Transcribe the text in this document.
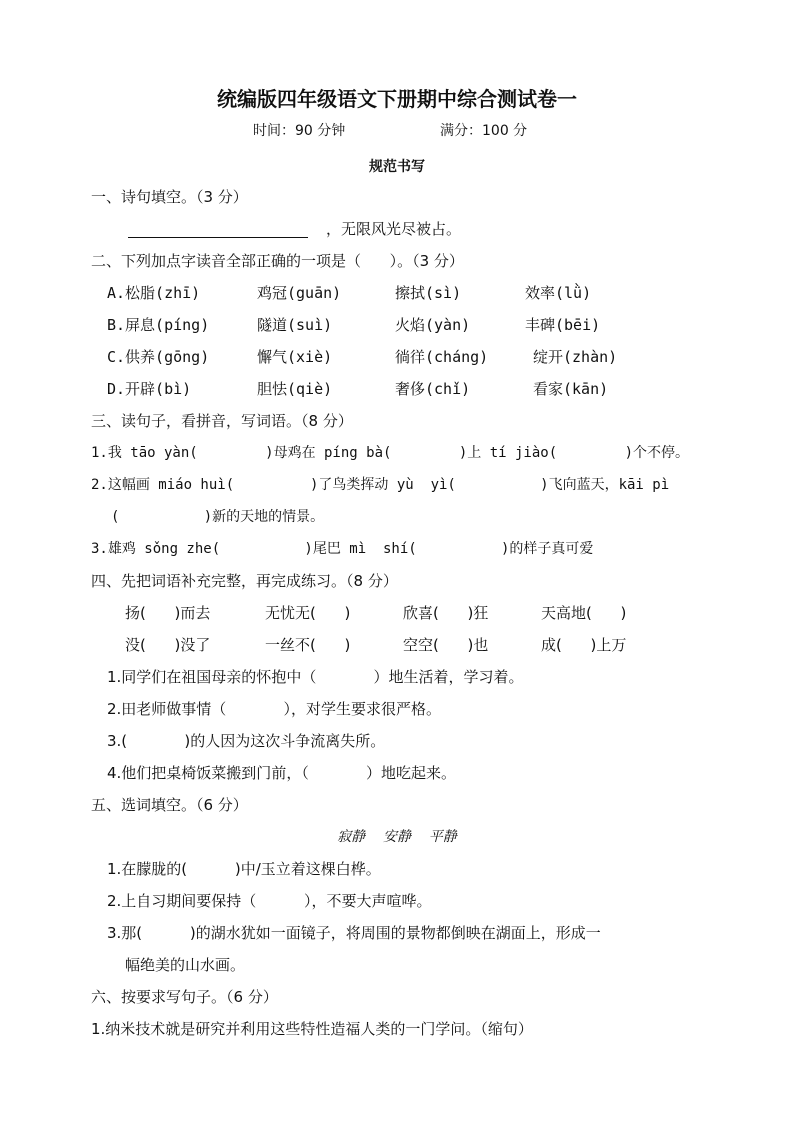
统编版四年级语文下册期中综合测试卷一
时间：90 分钟	满分：100 分
规范书写
一、诗句填空。（3 分）
，无限风光尽被占。
二、下列加点字读音全部正确的一项是（      ）。（3 分）
A.松脂(zhī)	鸡冠(guān)	擦拭(sì)	效率(lǜ)
B.屏息(píng)	隧道(suì)	火焰(yàn)	丰碑(bēi)
C.供养(gōng)	懈气(xiè)	徜徉(cháng)	绽开(zhàn)
D.开辟(bì)	胆怯(qiè)	奢侈(chǐ)	看家(kān)
三、读句子，看拼音，写词语。（8 分）
1.我 tāo yàn(        )母鸡在 píng bà(        )上 tí jiào(        )个不停。
2.这幅画 miáo huì(         )了鸟类挥动 yù  yì(          )飞向蓝天，kāi pì
(          )新的天地的情景。
3.雄鸡 sǒng zhe(          )尾巴 mì  shí(          )的样子真可爱
四、先把词语补充完整，再完成练习。（8 分）
扬(      )而去	无忧无(      )	欣喜(      )狂	天高地(      )
没(      )没了	一丝不(      )	空空(      )也	成(      )上万
1.同学们在祖国母亲的怀抱中（            ）地生活着，学习着。
2.田老师做事情（            ），对学生要求很严格。
3.(            )的人因为这次斗争流离失所。
4.他们把桌椅饭菜搬到门前，（            ）地吃起来。
五、选词填空。（6 分）
寂静    安静    平静
1.在朦胧的(          )中/玉立着这棵白桦。
2.上自习期间要保持（          ），不要大声喧哗。
3.那(          )的湖水犹如一面镜子，将周围的景物都倒映在湖面上，形成一
幅绝美的山水画。
六、按要求写句子。（6 分）
1.纳米技术就是研究并利用这些特性造福人类的一门学问。（缩句）
